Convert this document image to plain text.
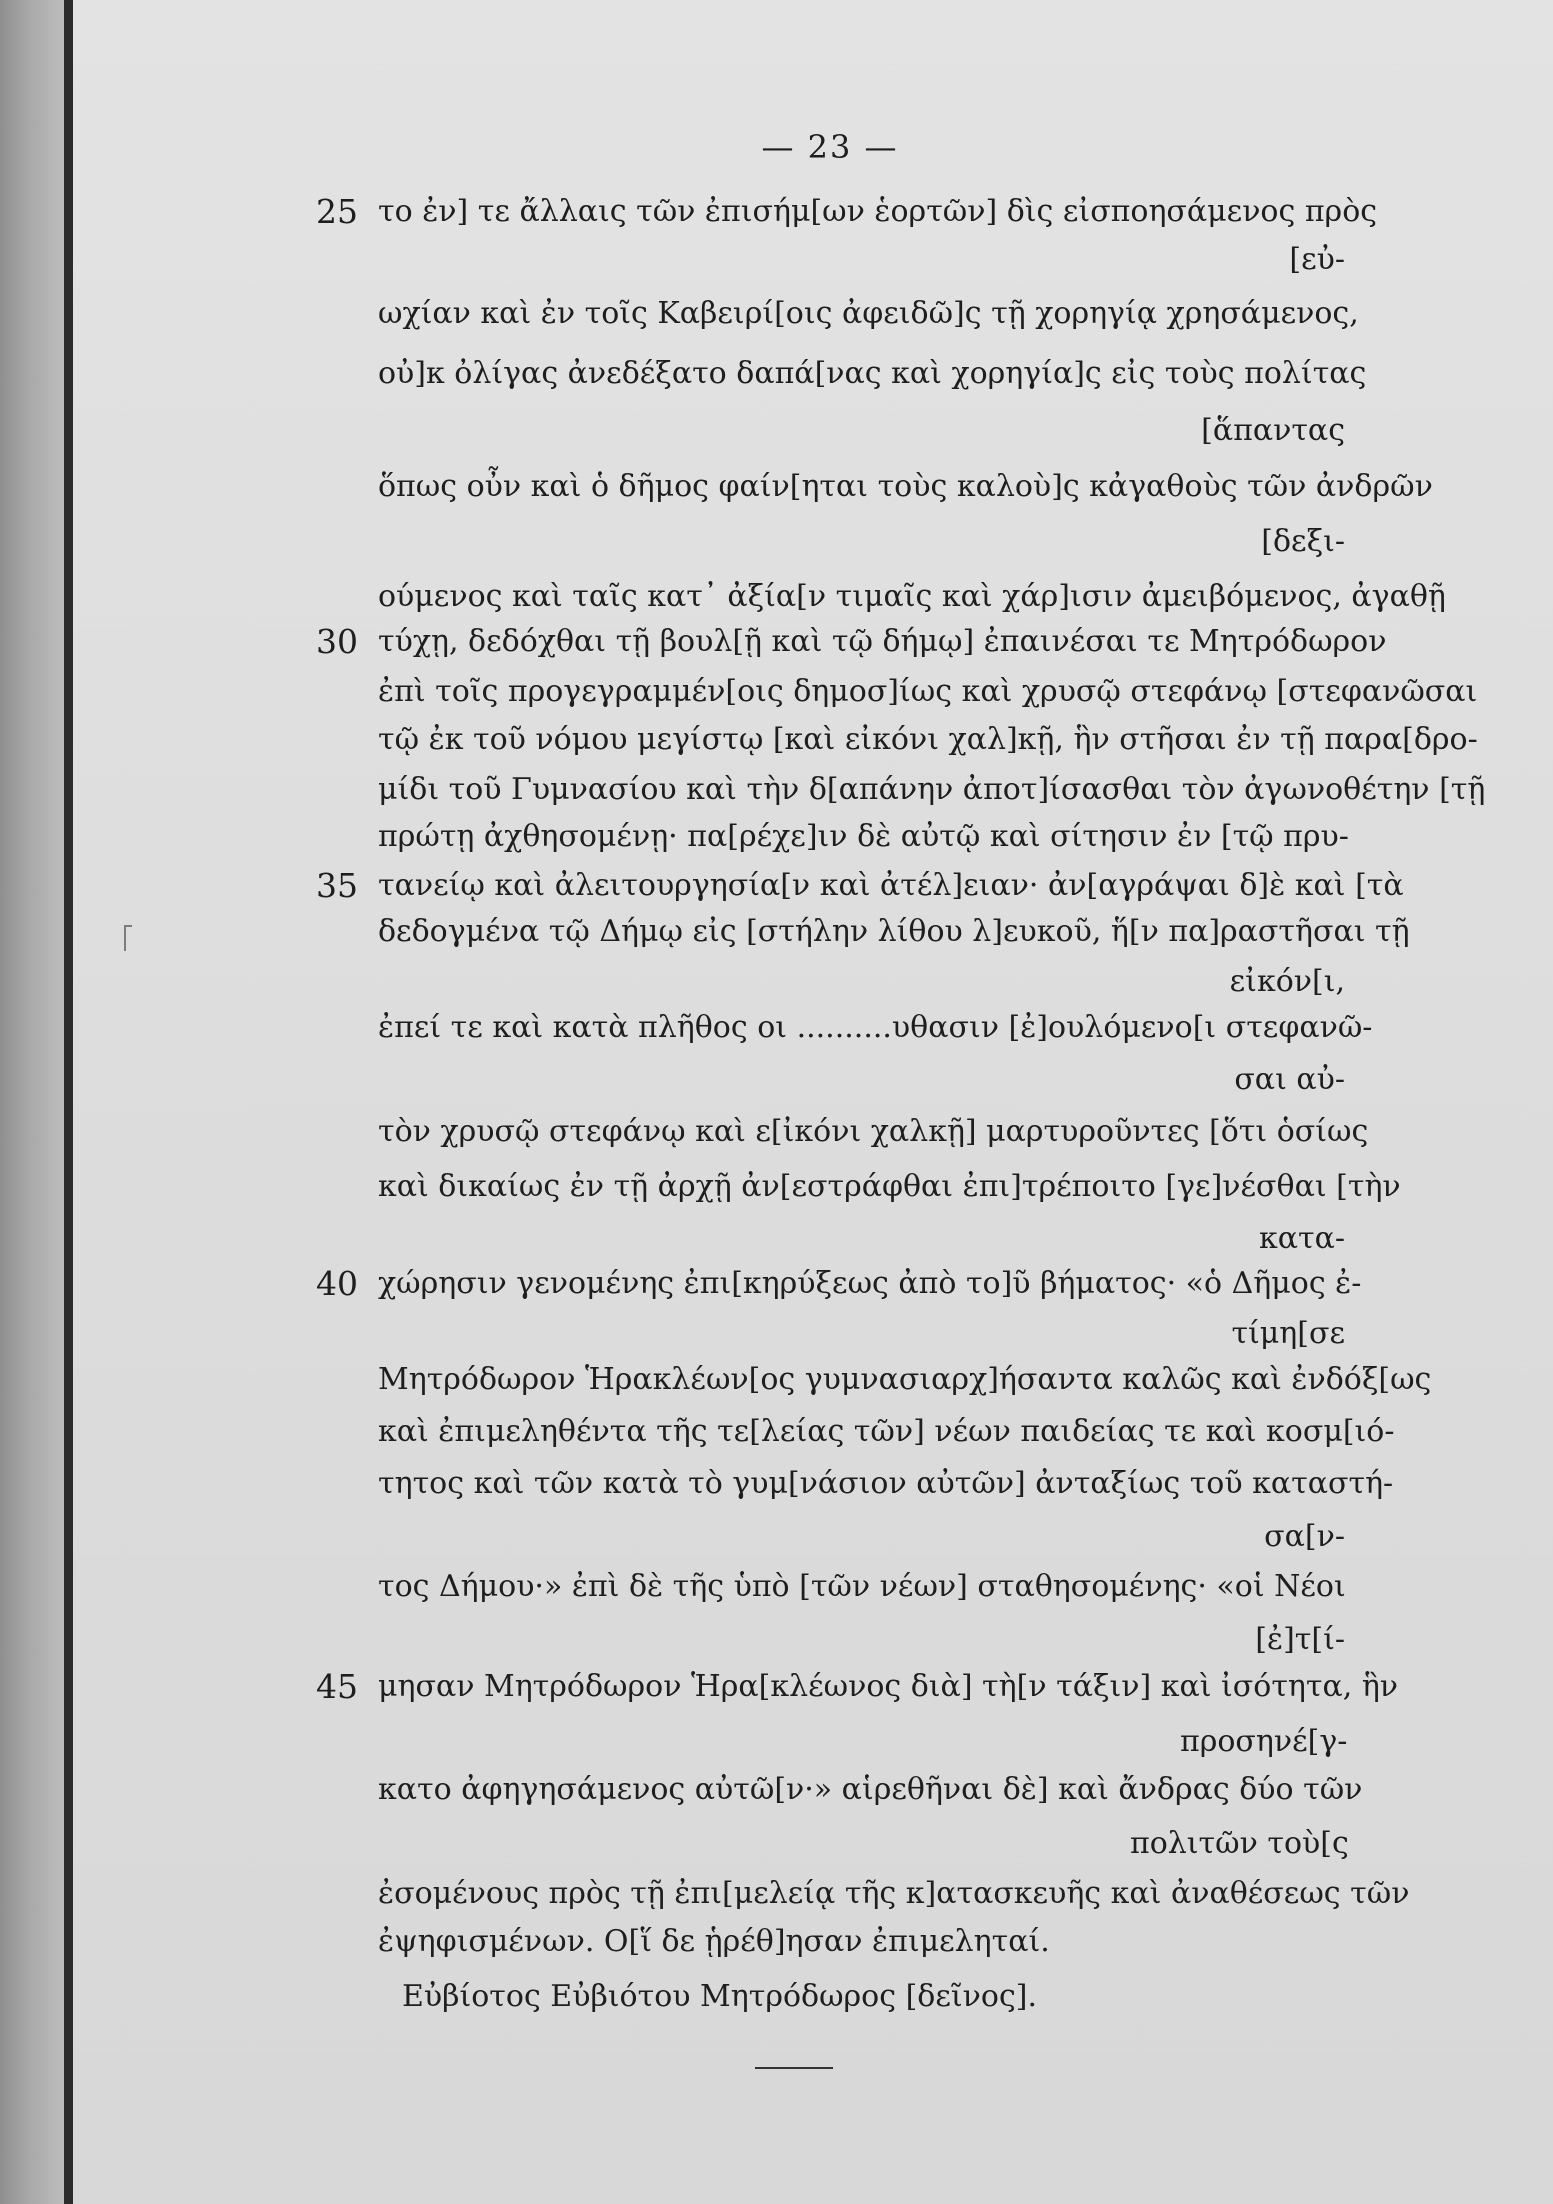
— 23 —
25 το ἐν] τε ἄλλαις τῶν ἐπισήμ[ων ἑορτῶν] δὶς εἰσποησάμενος πρὸς
[εὐ-
ωχίαν καὶ ἐν τοῖς Καβειρί[οις ἀφειδῶ]ς τῇ χορηγίᾳ χρησάμενος,
οὐ]κ ὀλίγας ἀνεδέξατο δαπά[νας καὶ χορηγία]ς εἰς τοὺς πολίτας
[ἅπαντας
ὅπως οὖν καὶ ὁ δῆμος φαίν[ηται τοὺς καλοὺ]ς κἀγαθοὺς τῶν ἀνδρῶν
[δεξι-
ούμενος καὶ ταῖς κατ᾽ ἀξία[ν τιμαῖς καὶ χάρ]ισιν ἀμειβόμενος, ἀγαθῇ
30 τύχῃ, δεδόχθαι τῇ βουλ[ῇ καὶ τῷ δήμῳ] ἐπαινέσαι τε Μητρόδωρον
ἐπὶ τοῖς προγεγραμμέν[οις δημοσ]ίως καὶ χρυσῷ στεφάνῳ [στεφανῶσαι
τῷ ἐκ τοῦ νόμου μεγίστῳ [καὶ εἰκόνι χαλ]κῇ, ἣν στῆσαι ἐν τῇ παρα[δρο-
μίδι τοῦ Γυμνασίου καὶ τὴν δ[απάνην ἀποτ]ίσασθαι τὸν ἀγωνοθέτην [τῇ
πρώτῃ ἀχθησομένῃ· πα[ρέχε]ιν δὲ αὐτῷ καὶ σίτησιν ἐν [τῷ πρυ-
35 τανείῳ καὶ ἀλειτουργησία[ν καὶ ἀτέλ]ειαν· ἀν[αγράψαι δ]ὲ καὶ [τὰ
δεδογμένα τῷ Δήμῳ εἰς [στήλην λίθου λ]ευκοῦ, ἥ[ν πα]ραστῆσαι τῇ
εἰκόν[ι,
ἐπεί τε καὶ κατὰ πλῆθος οι ..........υθασιν [ἐ]ουλόμενο[ι στεφανῶ-
σαι αὐ-
τὸν χρυσῷ στεφάνῳ καὶ ε[ἰκόνι χαλκῇ] μαρτυροῦντες [ὅτι ὁσίως
καὶ δικαίως ἐν τῇ ἀρχῇ ἀν[εστράφθαι ἐπι]τρέποιτο [γε]νέσθαι [τὴν
κατα-
40 χώρησιν γενομένης ἐπι[κηρύξεως ἀπὸ το]ῦ βήματος· «ὁ Δῆμος ἐ-
τίμη[σε
Μητρόδωρον Ἡρακλέων[ος γυμνασιαρχ]ήσαντα καλῶς καὶ ἐνδόξ[ως
καὶ ἐπιμεληθέντα τῆς τε[λείας τῶν] νέων παιδείας τε καὶ κοσμ[ιό-
τητος καὶ τῶν κατὰ τὸ γυμ[νάσιον αὐτῶν] ἀνταξίως τοῦ καταστή-
σα[ν-
τος Δήμου·» ἐπὶ δὲ τῆς ὑπὸ [τῶν νέων] σταθησομένης· «οἱ Νέοι
[ἐ]τ[ί-
45 μησαν Μητρόδωρον Ἡρα[κλέωνος διὰ] τὴ[ν τάξιν] καὶ ἰσότητα, ἣν
προσηνέ[γ-
κατο ἀφηγησάμενος αὐτῶ[ν·» αἱρεθῆναι δὲ] καὶ ἄνδρας δύο τῶν
πολιτῶν τοὺ[ς
ἐσομένους πρὸς τῇ ἐπι[μελείᾳ τῆς κ]ατασκευῆς καὶ ἀναθέσεως τῶν
ἐψηφισμένων. Ο[ἵ δε ᾑρέθ]ησαν ἐπιμεληταί.
Εὐβίοτος Εὐβιότου Μητρόδωρος [δεῖνος].
